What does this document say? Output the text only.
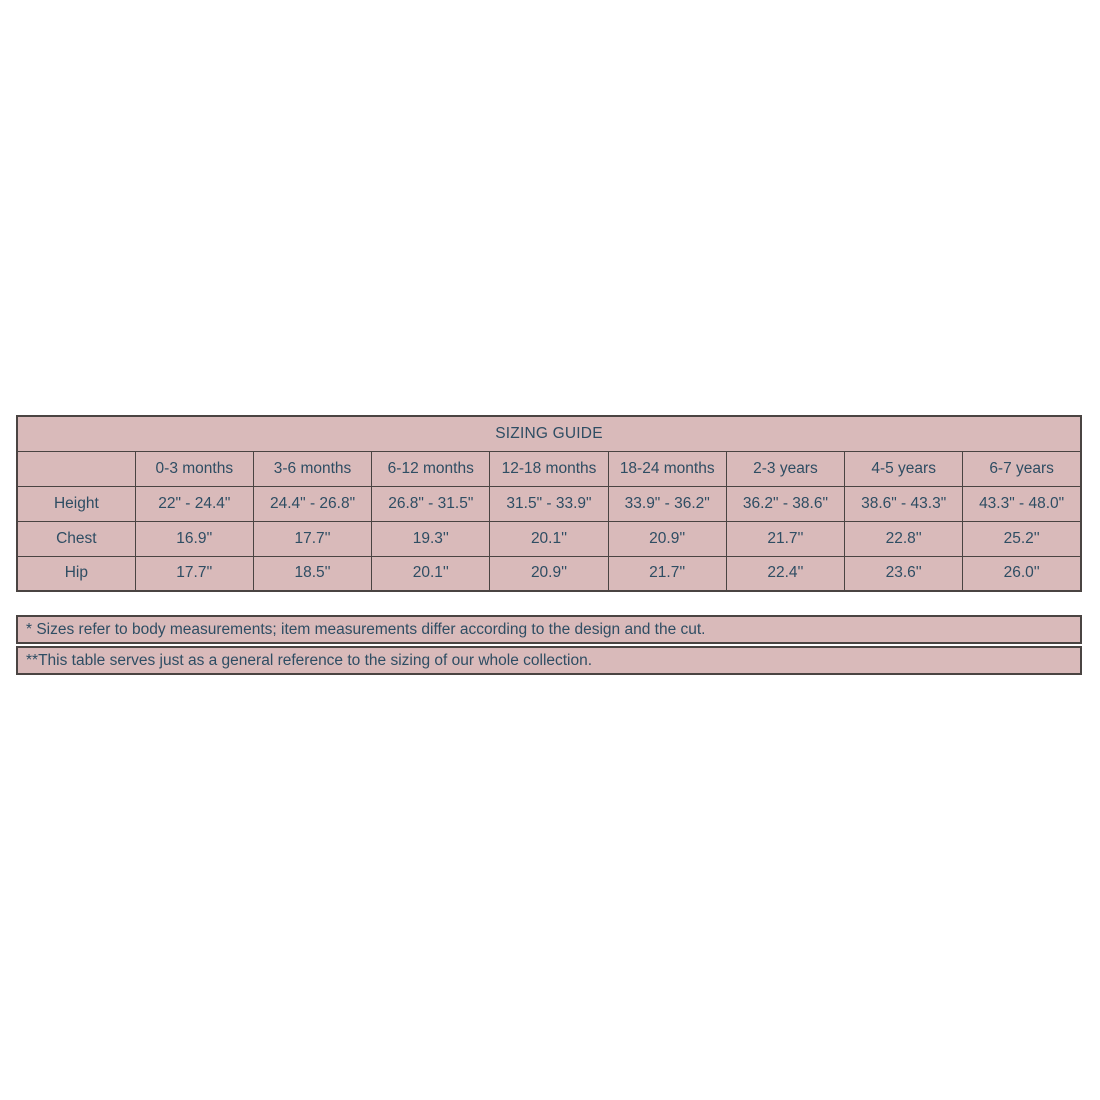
SIZING GUIDE								
	0-3 months	3-6 months	6-12 months	12-18 months	18-24 months	2-3 years	4-5 years	6-7 years
Height	22" - 24.4"	24.4" - 26.8"	26.8" - 31.5"	31.5" - 33.9"	33.9" - 36.2"	36.2" - 38.6"	38.6" - 43.3"	43.3" - 48.0"
Chest	16.9''	17.7''	19.3''	20.1''	20.9''	21.7''	22.8''	25.2''
Hip	17.7''	18.5''	20.1''	20.9''	21.7''	22.4''	23.6''	26.0''
* Sizes refer to body measurements; item measurements differ according to the design and the cut.
**This table serves just as a general reference to the sizing of our whole collection.
